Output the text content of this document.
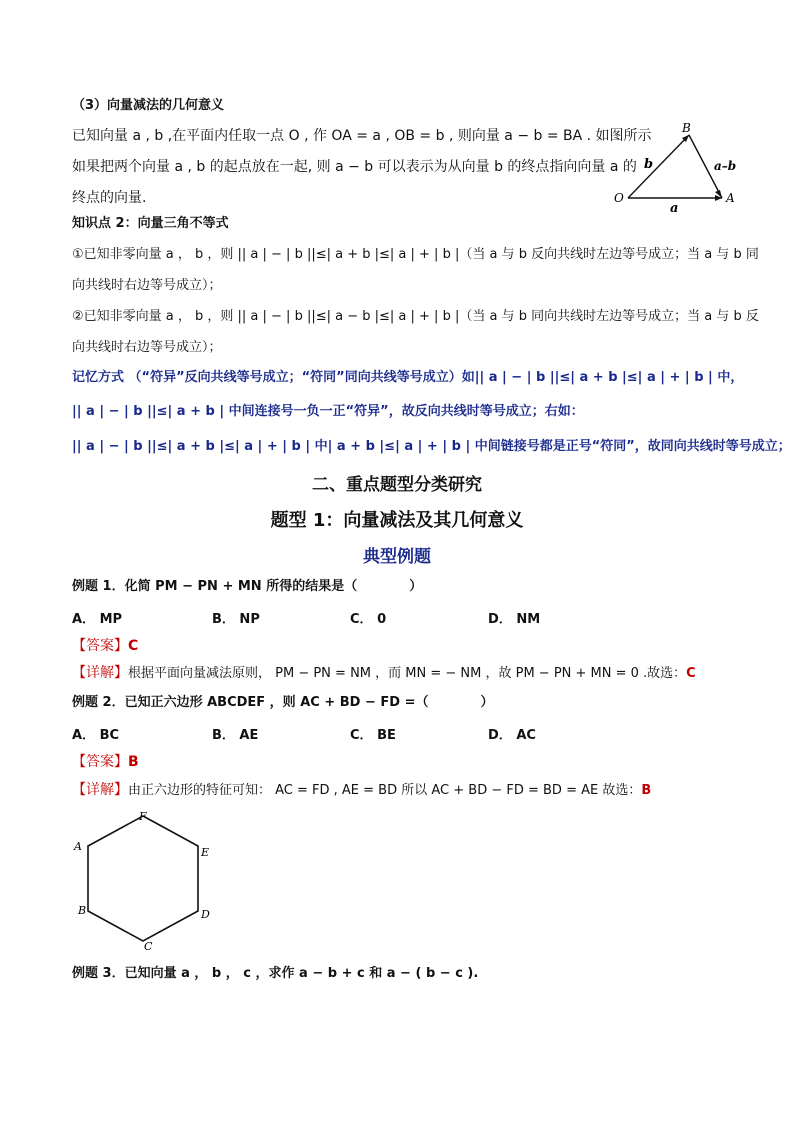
（3）向量减法的几何意义
已知向量 a , b ,在平面内任取一点 O , 作 OA = a , OB = b , 则向量 a − b = BA . 如图所示
如果把两个向量 a , b 的起点放在一起, 则 a − b 可以表示为从向量 b 的终点指向向量 a 的
终点的向量.
B
O	A
b
a
a–b
知识点 2：向量三角不等式
①已知非零向量 a ， b ，则 || a | − | b ||≤| a + b |≤| a | + | b |（当 a 与 b 反向共线时左边等号成立；当 a 与 b 同
向共线时右边等号成立）；
②已知非零向量 a ， b ，则 || a | − | b ||≤| a − b |≤| a | + | b |（当 a 与 b 同向共线时左边等号成立；当 a 与 b 反
向共线时右边等号成立）；
记忆方式 （“符异”反向共线等号成立；“符同”同向共线等号成立）如|| a | − | b ||≤| a + b |≤| a | + | b | 中，
|| a | − | b ||≤| a + b | 中间连接号一负一正“符异”，故反向共线时等号成立；右如：
|| a | − | b ||≤| a + b |≤| a | + | b | 中| a + b |≤| a | + | b | 中间链接号都是正号“符同”，故同向共线时等号成立；
二、重点题型分类研究
题型 1：向量减法及其几何意义
典型例题
例题 1．化简 PM − PN + MN 所得的结果是（　　　　）
A． MP	B． NP	C． 0	D． NM
【答案】C
【详解】根据平面向量减法原则， PM − PN = NM ，而 MN = − NM ，故 PM − PN + MN = 0 .故选：C
例题 2．已知正六边形 ABCDEF ，则 AC + BD − FD =（　　　　）
A． BC	B． AE	C． BE	D． AC
【答案】B
【详解】由正六边形的特征可知： AC = FD , AE = BD 所以 AC + BD − FD = BD = AE 故选：B
F
E
D
C
B
A
例题 3．已知向量 a ， b ， c ，求作 a − b + c 和 a − ( b − c ).
